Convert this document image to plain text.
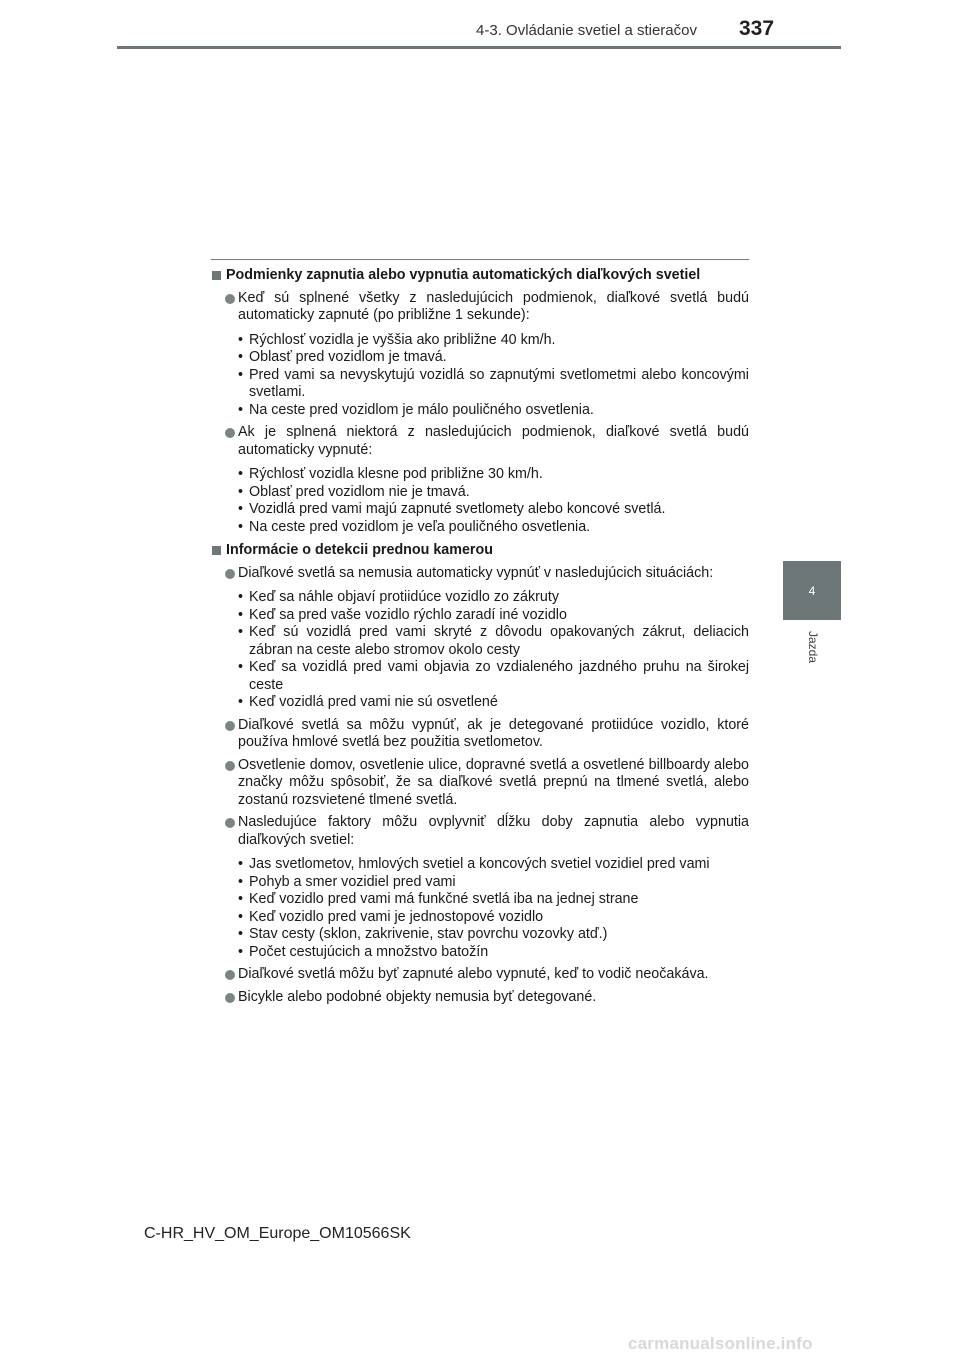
4-3. Ovládanie svetiel a stieračov 337
4
Jazda
Podmienky zapnutia alebo vypnutia automatických diaľkových svetiel
Keď sú splnené všetky z nasledujúcich podmienok, diaľkové svetlá budú automaticky zapnuté (po približne 1 sekunde):
• Rýchlosť vozidla je vyššia ako približne 40 km/h.
• Oblasť pred vozidlom je tmavá.
• Pred vami sa nevyskytujú vozidlá so zapnutými svetlometmi alebo koncovými svetlami.
• Na ceste pred vozidlom je málo pouličného osvetlenia.
Ak je splnená niektorá z nasledujúcich podmienok, diaľkové svetlá budú automaticky vypnuté:
• Rýchlosť vozidla klesne pod približne 30 km/h.
• Oblasť pred vozidlom nie je tmavá.
• Vozidlá pred vami majú zapnuté svetlomety alebo koncové svetlá.
• Na ceste pred vozidlom je veľa pouličného osvetlenia.
Informácie o detekcii prednou kamerou
Diaľkové svetlá sa nemusia automaticky vypnúť v nasledujúcich situáciách:
• Keď sa náhle objaví protiidúce vozidlo zo zákruty
• Keď sa pred vaše vozidlo rýchlo zaradí iné vozidlo
• Keď sú vozidlá pred vami skryté z dôvodu opakovaných zákrut, deliacich zábran na ceste alebo stromov okolo cesty
• Keď sa vozidlá pred vami objavia zo vzdialeného jazdného pruhu na širokej ceste
• Keď vozidlá pred vami nie sú osvetlené
Diaľkové svetlá sa môžu vypnúť, ak je detegované protiidúce vozidlo, ktoré používa hmlové svetlá bez použitia svetlometov.
Osvetlenie domov, osvetlenie ulice, dopravné svetlá a osvetlené billboardy alebo značky môžu spôsobiť, že sa diaľkové svetlá prepnú na tlmené svetlá, alebo zostanú rozsvietené tlmené svetlá.
Nasledujúce faktory môžu ovplyvniť dĺžku doby zapnutia alebo vypnutia diaľkových svetiel:
• Jas svetlometov, hmlových svetiel a koncových svetiel vozidiel pred vami
• Pohyb a smer vozidiel pred vami
• Keď vozidlo pred vami má funkčné svetlá iba na jednej strane
• Keď vozidlo pred vami je jednostopové vozidlo
• Stav cesty (sklon, zakrivenie, stav povrchu vozovky atď.)
• Počet cestujúcich a množstvo batožín
Diaľkové svetlá môžu byť zapnuté alebo vypnuté, keď to vodič neočakáva.
Bicykle alebo podobné objekty nemusia byť detegované.
C-HR_HV_OM_Europe_OM10566SK
carmanualsonline.info
